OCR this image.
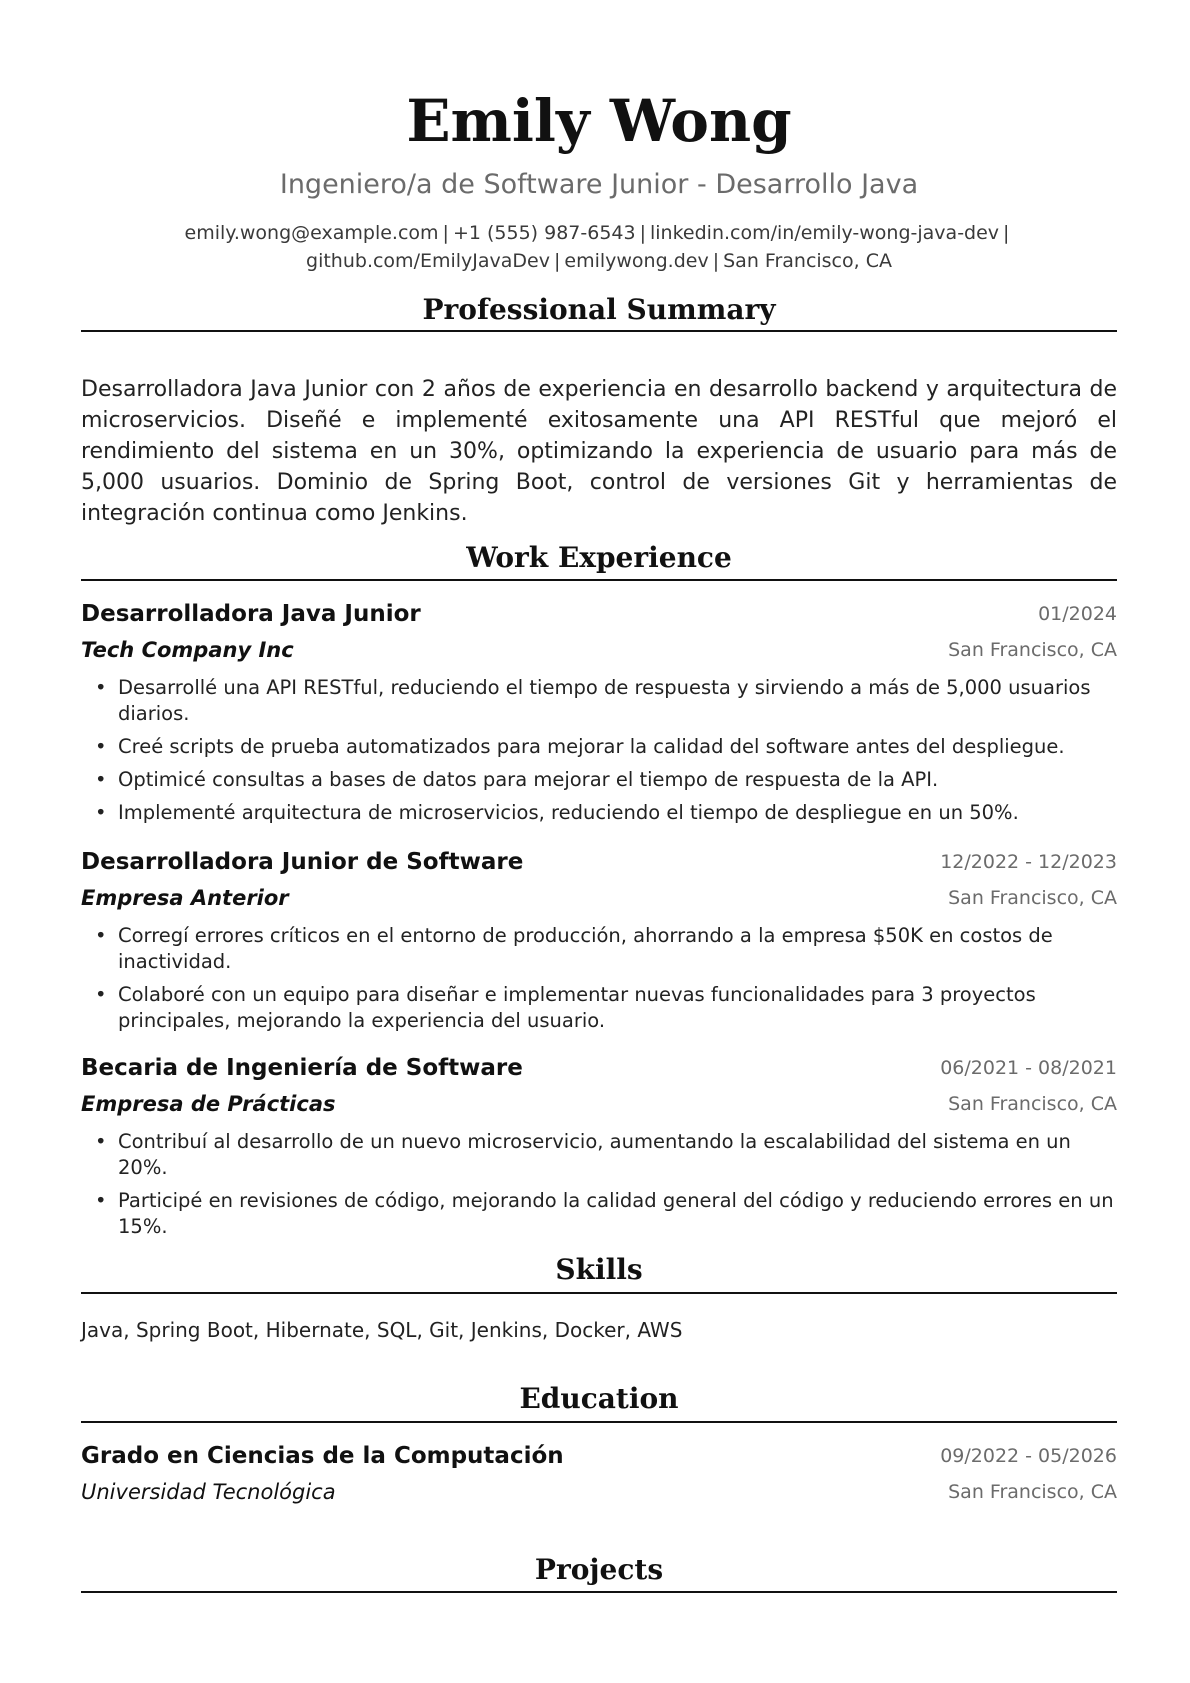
Emily Wong
Ingeniero/a de Software Junior - Desarrollo Java
emily.wong@example.com | +1 (555) 987-6543 | linkedin.com/in/emily-wong-java-dev |
github.com/EmilyJavaDev | emilywong.dev | San Francisco, CA
Professional Summary

Desarrolladora Java Junior con 2 años de experiencia en desarrollo backend y arquitectura de microservicios. Diseñé e implementé exitosamente una API RESTful que mejoró el rendimiento del sistema en un 30%, optimizando la experiencia de usuario para más de 5,000 usuarios. Dominio de Spring Boot, control de versiones Git y herramientas de integración continua como Jenkins.

Work Experience
Desarrolladora Java Junior	01/2024
Tech Company Inc	San Francisco, CA
• Desarrollé una API RESTful, reduciendo el tiempo de respuesta y sirviendo a más de 5,000 usuarios diarios.
• Creé scripts de prueba automatizados para mejorar la calidad del software antes del despliegue.
• Optimicé consultas a bases de datos para mejorar el tiempo de respuesta de la API.
• Implementé arquitectura de microservicios, reduciendo el tiempo de despliegue en un 50%.
Desarrolladora Junior de Software	12/2022 - 12/2023
Empresa Anterior	San Francisco, CA
• Corregí errores críticos en el entorno de producción, ahorrando a la empresa $50K en costos de inactividad.
• Colaboré con un equipo para diseñar e implementar nuevas funcionalidades para 3 proyectos principales, mejorando la experiencia del usuario.
Becaria de Ingeniería de Software	06/2021 - 08/2021
Empresa de Prácticas	San Francisco, CA
• Contribuí al desarrollo de un nuevo microservicio, aumentando la escalabilidad del sistema en un 20%.
• Participé en revisiones de código, mejorando la calidad general del código y reduciendo errores en un 15%.
Skills
Java, Spring Boot, Hibernate, SQL, Git, Jenkins, Docker, AWS
Education
Grado en Ciencias de la Computación	09/2022 - 05/2026
Universidad Tecnológica	San Francisco, CA
Projects
